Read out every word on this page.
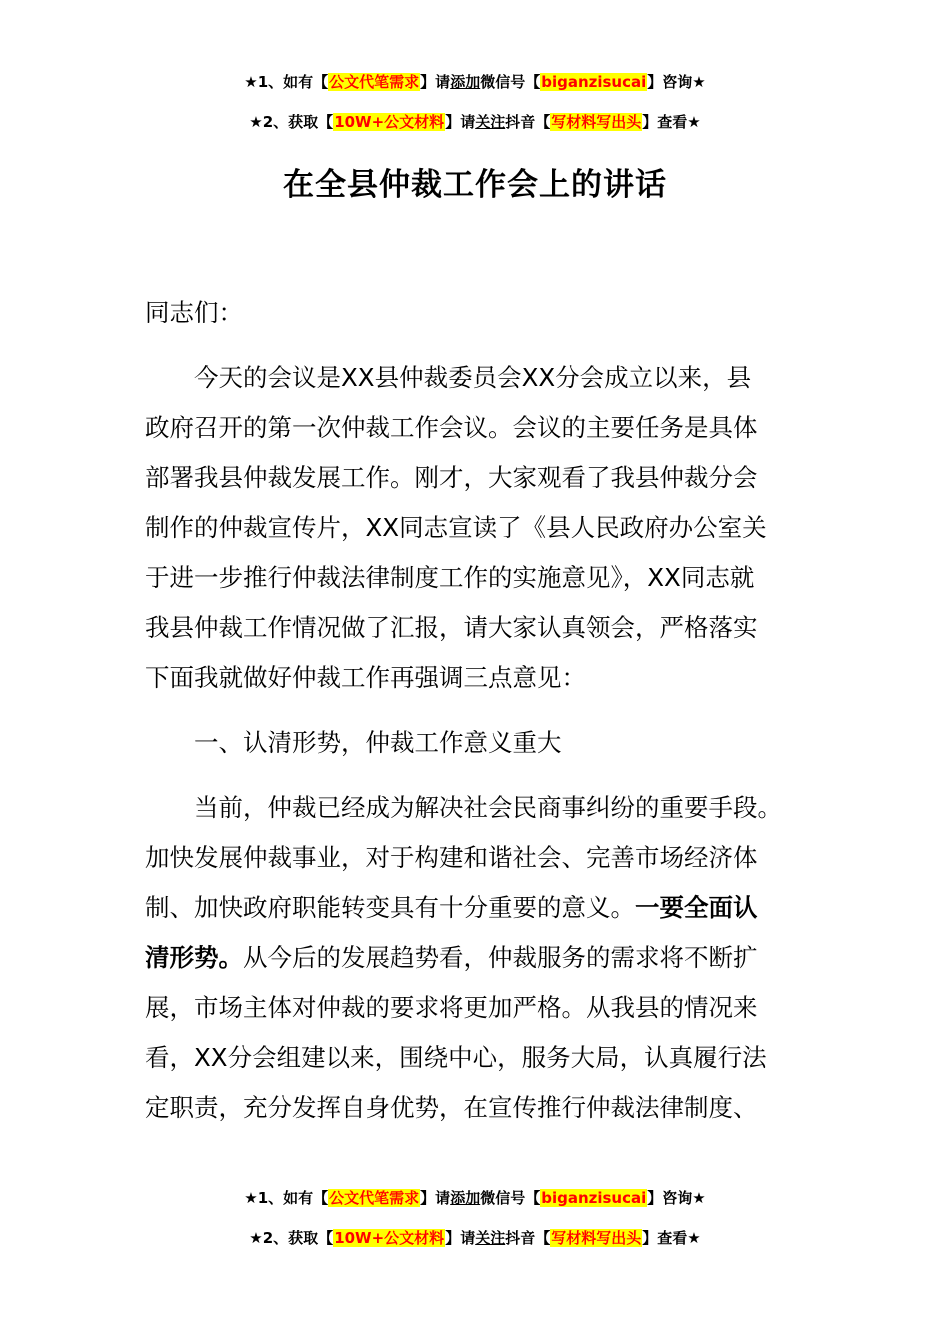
★1、如有【公文代笔需求】请添加微信号【biganzisucai】咨询★
★2、获取【10W+公文材料】请关注抖音【写材料写出头】查看★
在全县仲裁工作会上的讲话
同志们：
　　今天的会议是XX县仲裁委员会XX分会成立以来，县
政府召开的第一次仲裁工作会议。会议的主要任务是具体
部署我县仲裁发展工作。刚才，大家观看了我县仲裁分会
制作的仲裁宣传片，XX同志宣读了《县人民政府办公室关
于进一步推行仲裁法律制度工作的实施意见》，XX同志就
我县仲裁工作情况做了汇报，请大家认真领会，严格落实
下面我就做好仲裁工作再强调三点意见：
　　一、认清形势，仲裁工作意义重大
　　当前，仲裁已经成为解决社会民商事纠纷的重要手段。
加快发展仲裁事业，对于构建和谐社会、完善市场经济体
制、加快政府职能转变具有十分重要的意义。一要全面认
清形势。从今后的发展趋势看，仲裁服务的需求将不断扩
展，市场主体对仲裁的要求将更加严格。从我县的情况来
看，XX分会组建以来，围绕中心，服务大局，认真履行法
定职责，充分发挥自身优势，在宣传推行仲裁法律制度、
★1、如有【公文代笔需求】请添加微信号【biganzisucai】咨询★
★2、获取【10W+公文材料】请关注抖音【写材料写出头】查看★
